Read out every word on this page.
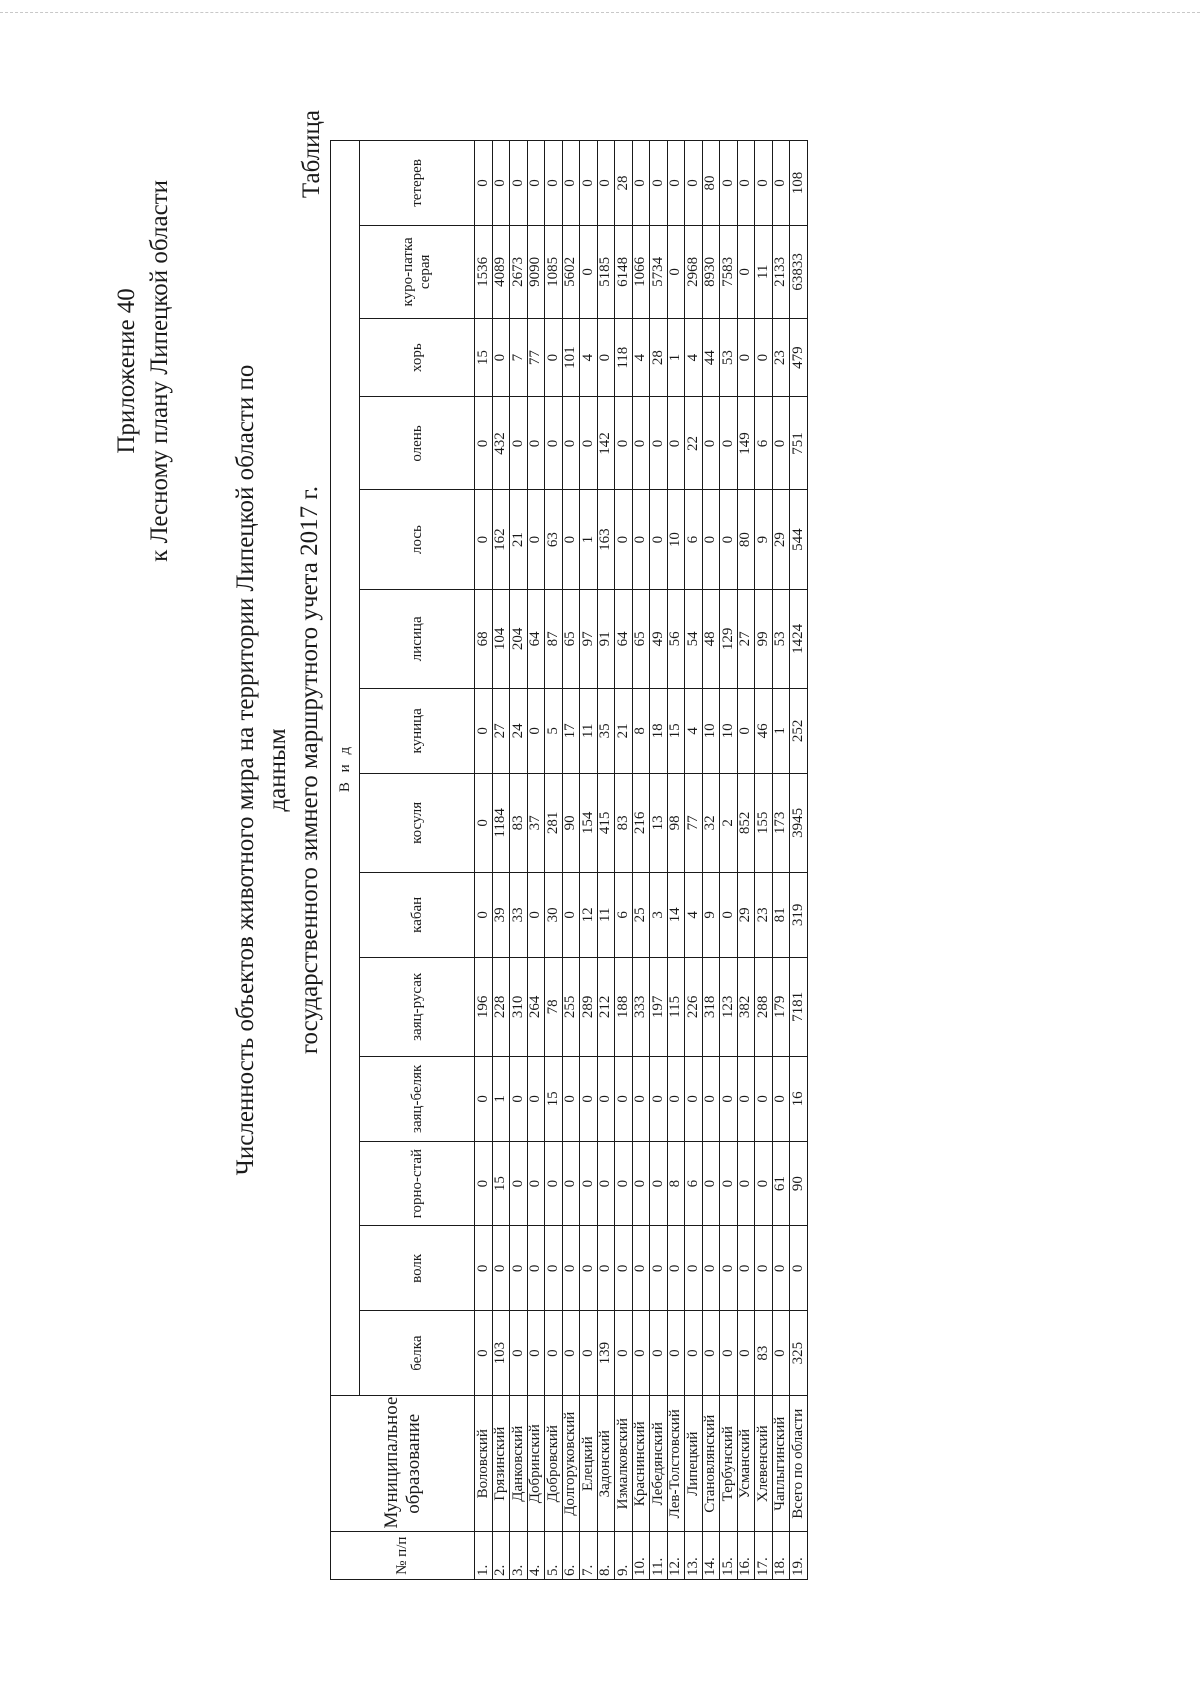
Приложение 40 к Лесному плану Липецкой области Численность объектов животного мира на территории Липецкой области по данным государственного зимнего маршрутного учета 2017 г.
Таблица
№ п/п	Муниципальное образование	В и д													
		белка	волк	горно-стай	заяц-беляк	заяц-русак	кабан	косуля	куница	лисица	лось	олень	хорь	куро-патка серая	тетерев
1.	Воловский	0	0	0	0	196	0	0	0	68	0	0	15	1536	0
2.	Грязинский	103	0	15	1	228	39	1184	27	104	162	432	0	4089	0
3.	Данковский	0	0	0	0	310	33	83	24	204	21	0	7	2673	0
4.	Добринский	0	0	0	0	264	0	37	0	64	0	0	77	9090	0
5.	Добровский	0	0	0	15	78	30	281	5	87	63	0	0	1085	0
6.	Долгоруковский	0	0	0	0	255	0	90	17	65	0	0	101	5602	0
7.	Елецкий	0	0	0	0	289	12	154	11	97	1	0	4	0	0
8.	Задонский	139	0	0	0	212	11	415	35	91	163	142	0	5185	0
9.	Измалковский	0	0	0	0	188	6	83	21	64	0	0	118	6148	28
10.	Краснинский	0	0	0	0	333	25	216	8	65	0	0	4	1066	0
11.	Лебедянский	0	0	0	0	197	3	13	18	49	0	0	28	5734	0
12.	Лев-Толстовский	0	0	8	0	115	14	98	15	56	10	0	1	0	0
13.	Липецкий	0	0	6	0	226	4	77	4	54	6	22	4	2968	0
14.	Становлянский	0	0	0	0	318	9	32	10	48	0	0	44	8930	80
15.	Тербунский	0	0	0	0	123	0	2	10	129	0	0	53	7583	0
16.	Усманский	0	0	0	0	382	29	852	0	27	80	149	0	0	0
17.	Хлевенский	83	0	0	0	288	23	155	46	99	9	6	0	11	0
18.	Чаплыгинский	0	0	61	0	179	81	173	1	53	29	0	23	2133	0
19.	Всего по области	325	0	90	16	7181	319	3945	252	1424	544	751	479	63833	108
